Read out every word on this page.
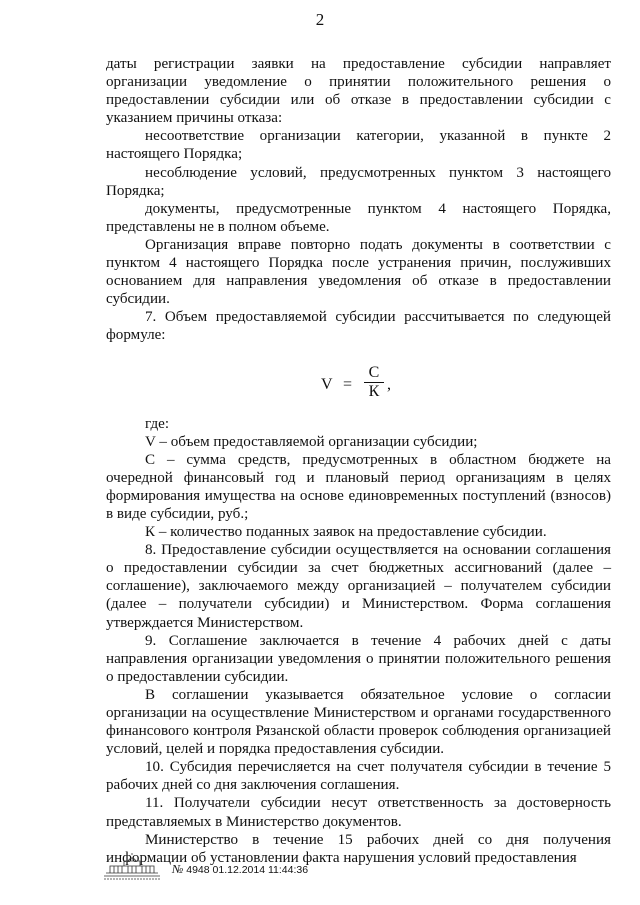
2

даты регистрации заявки на предоставление субсидии направляет организации уведомление о принятии положительного решения о предоставлении субсидии или об отказе в предоставлении субсидии с указанием причины отказа:

несоответствие организации категории, указанной в пункте 2 настоящего Порядка;

несоблюдение условий, предусмотренных пунктом 3 настоящего Порядка;

документы, предусмотренные пунктом 4 настоящего Порядка, представлены не в полном объеме.

Организация вправе повторно подать документы в соответствии с пунктом 4 настоящего Порядка после устранения причин, послуживших основанием для направления уведомления об отказе в предоставлении субсидии.

7. Объем предоставляемой субсидии рассчитывается по следующей формуле:

V =
C
К ,

где:

V – объем предоставляемой организации субсидии;

С – сумма средств, предусмотренных в областном бюджете на очередной финансовый год и плановый период организациям в целях формирования имущества на основе единовременных поступлений (взносов) в виде субсидии, руб.;

К – количество поданных заявок на предоставление субсидии.

8. Предоставление субсидии осуществляется на основании соглашения о предоставлении субсидии за счет бюджетных ассигнований (далее – соглашение), заключаемого между организацией – получателем субсидии (далее – получатели субсидии) и Министерством. Форма соглашения утверждается Министерством.

9. Соглашение заключается в течение 4 рабочих дней с даты направления организации уведомления о принятии положительного решения о предоставлении субсидии.

В соглашении указывается обязательное условие о согласии организации на осуществление Министерством и органами государственного финансового контроля Рязанской области проверок соблюдения организацией условий, целей и порядка предоставления субсидии.

10. Субсидия перечисляется на счет получателя субсидии в течение 5 рабочих дней со дня заключения соглашения.

11. Получатели субсидии несут ответственность за достоверность представляемых в Министерство документов.

Министерство в течение 15 рабочих дней со дня получения информации об установлении факта нарушения условий предоставления

№ 4948 01.12.2014 11:44:36
